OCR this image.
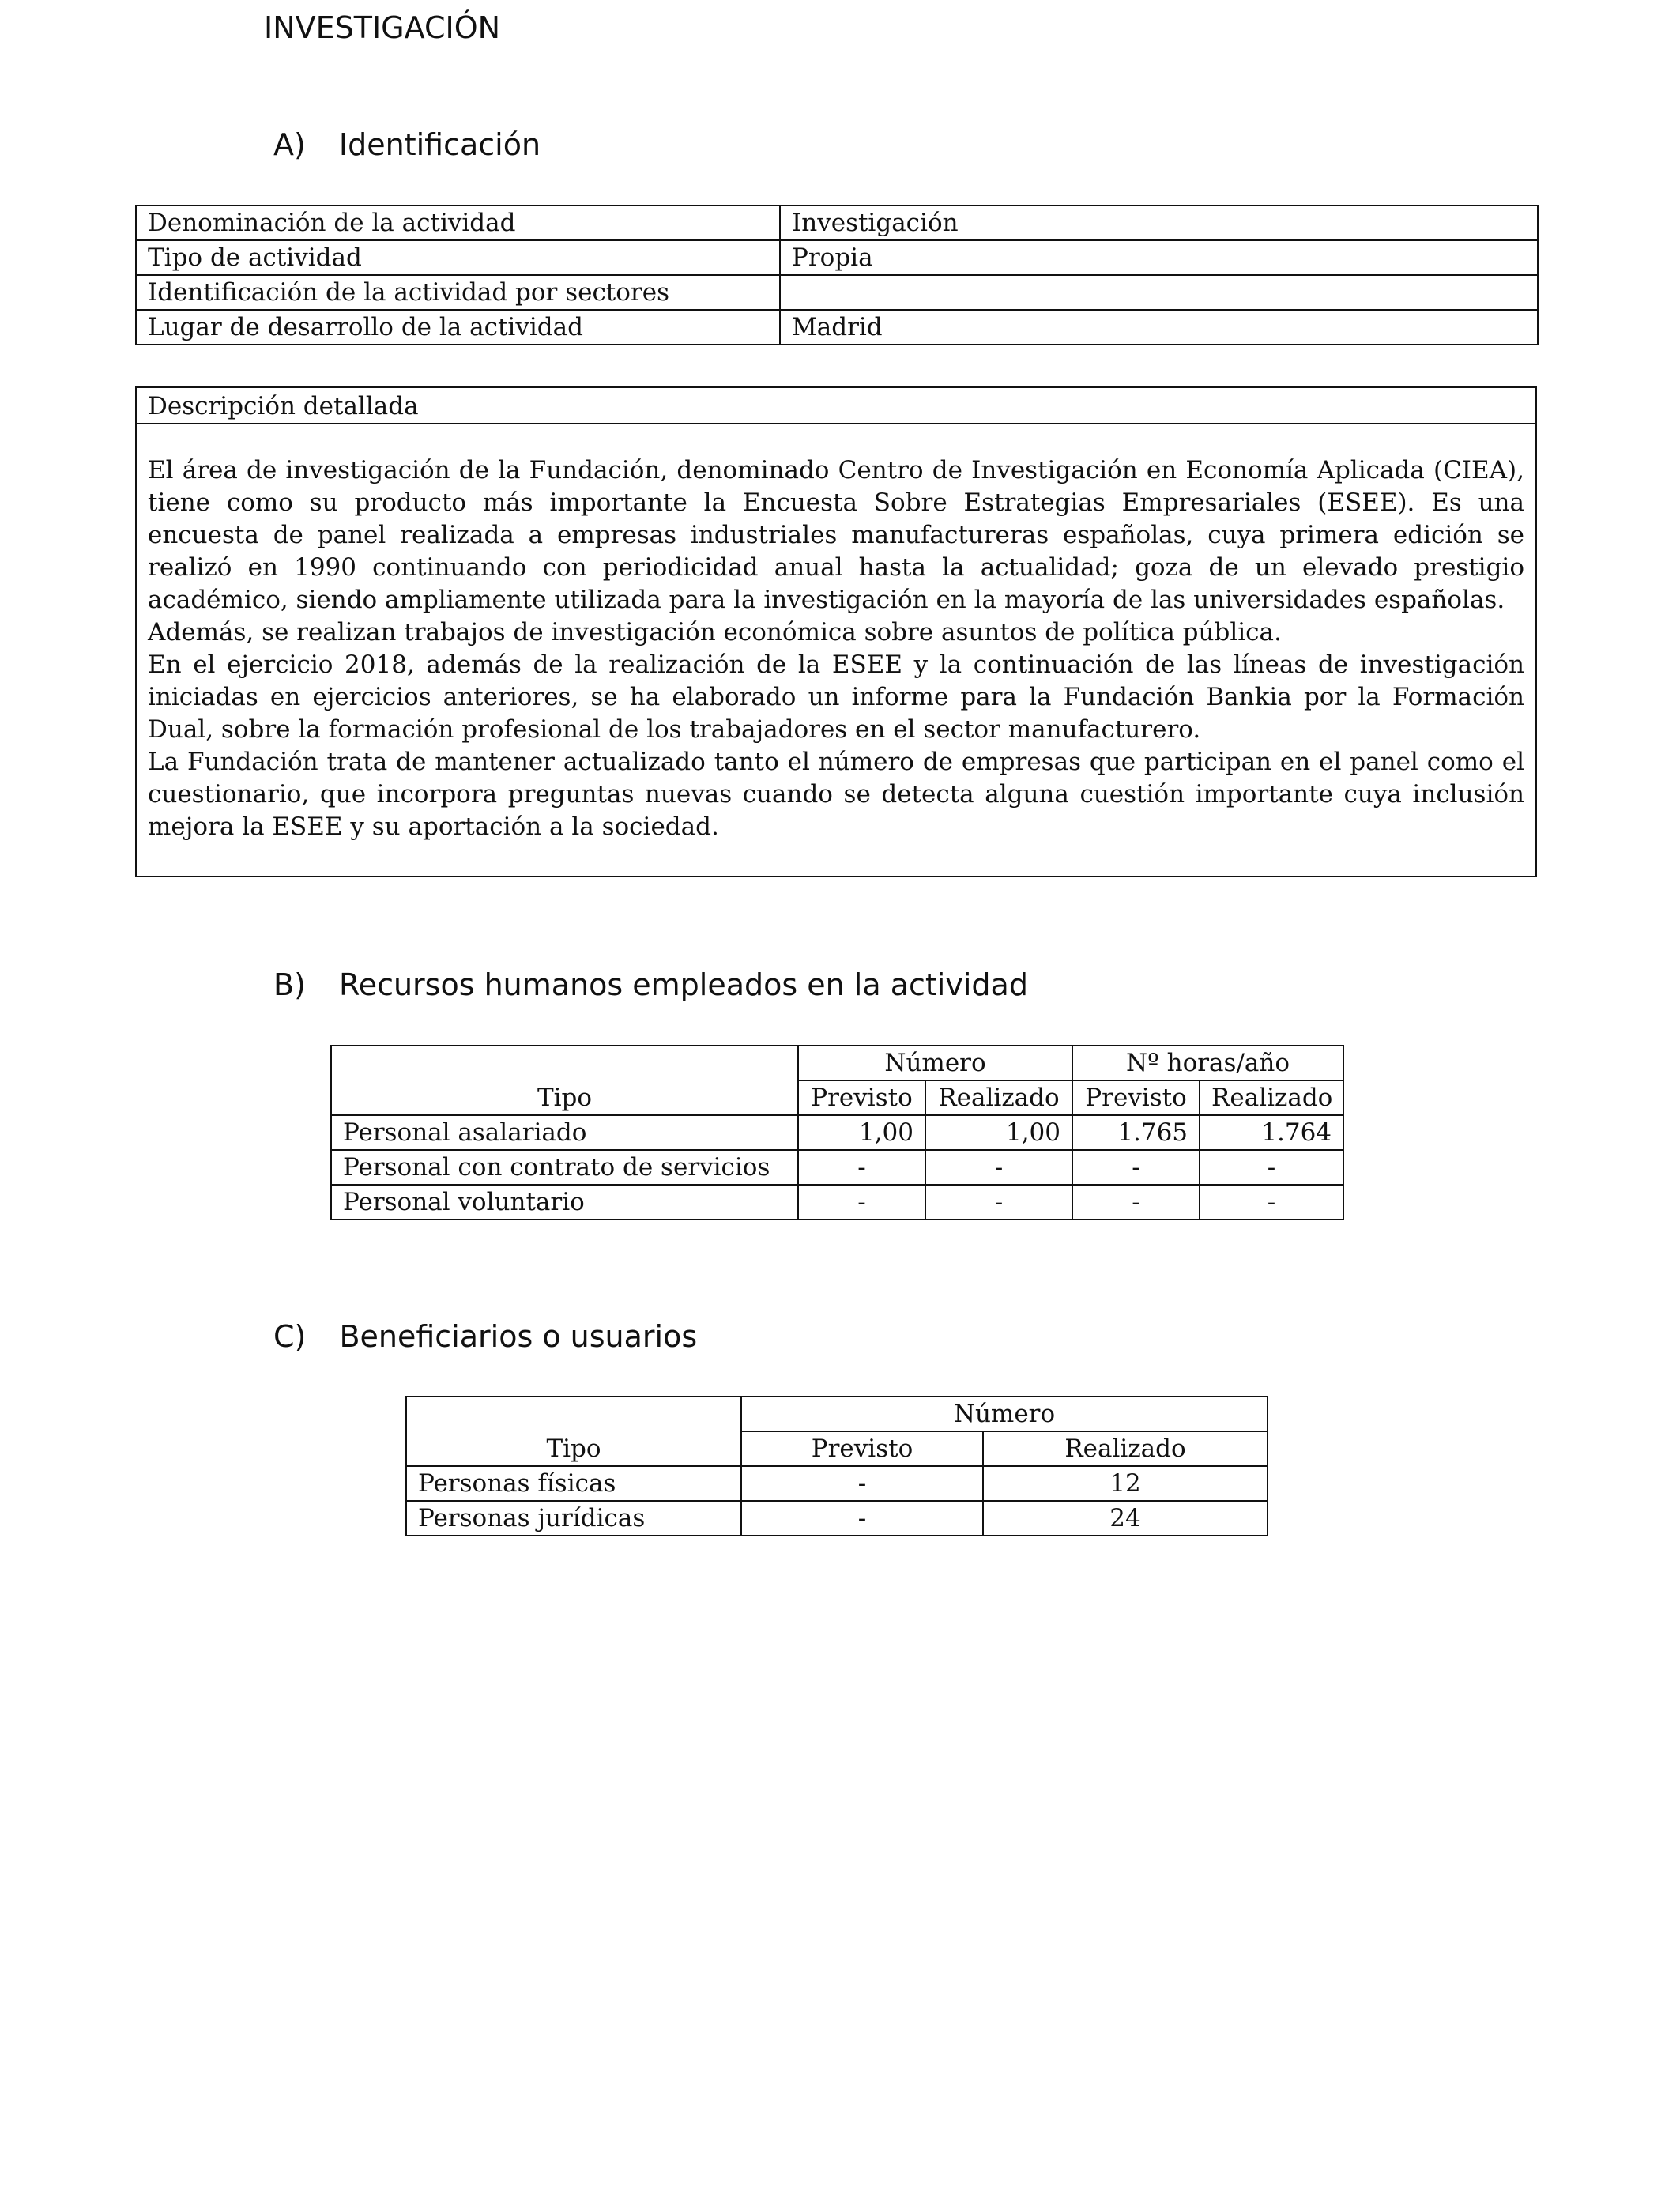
INVESTIGACIÓN
A) Identificación
Denominación de la actividad	Investigación
Tipo de actividad	Propia
Identificación de la actividad por sectores	
Lugar de desarrollo de la actividad	Madrid
Descripción detallada

El área de investigación de la Fundación, denominado Centro de Investigación en Economía Aplicada (CIEA), tiene como su producto más importante la Encuesta Sobre Estrategias Empresariales (ESEE). Es una encuesta de panel realizada a empresas industriales manufactureras españolas, cuya primera edición se realizó en 1990 continuando con periodicidad anual hasta la actualidad; goza de un elevado prestigio académico, siendo ampliamente utilizada para la investigación en la mayoría de las universidades españolas.

Además, se realizan trabajos de investigación económica sobre asuntos de política pública.

En el ejercicio 2018, además de la realización de la ESEE y la continuación de las líneas de investigación iniciadas en ejercicios anteriores, se ha elaborado un informe para la Fundación Bankia por la Formación Dual, sobre la formación profesional de los trabajadores en el sector manufacturero.

La Fundación trata de mantener actualizado tanto el número de empresas que participan en el panel como el cuestionario, que incorpora preguntas nuevas cuando se detecta alguna cuestión importante cuya inclusión mejora la ESEE y su aportación a la sociedad.

B) Recursos humanos empleados en la actividad
Tipo	Número		Nº horas/año	
	Previsto	Realizado	Previsto	Realizado
Personal asalariado	1,00	1,00	1.765	1.764
Personal con contrato de servicios	-	-	-	-
Personal voluntario	-	-	-	-
C) Beneficiarios o usuarios
Tipo	Número	
	Previsto	Realizado
Personas físicas	-	12
Personas jurídicas	-	24
